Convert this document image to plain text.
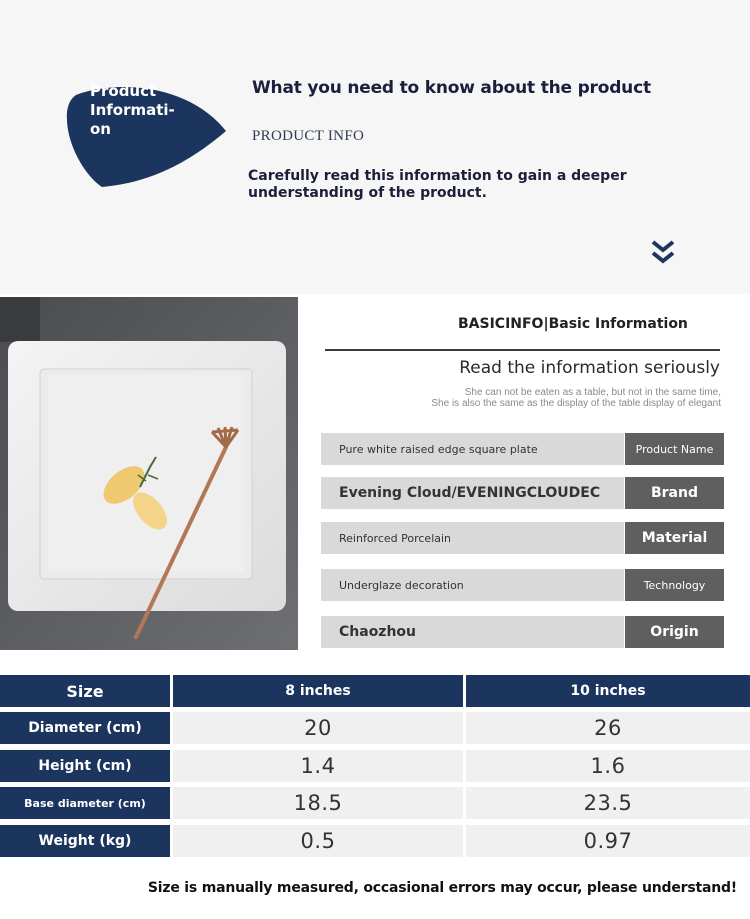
Product Informati-on
What you need to know about the product
PRODUCT INFO
Carefully read this information to gain a deeper understanding of the product.
BASICINFO|Basic Information
Read the information seriously
She can not be eaten as a table, but not in the same time,
She is also the same as the display of the table display of elegant
Pure white raised edge square plate	Product Name
Evening Cloud/EVENINGCLOUDEC	Brand
Reinforced Porcelain	Material
Underglaze decoration	Technology
Chaozhou	Origin
Size	8 inches	10 inches
Diameter (cm)	20	26
Height (cm)	1.4	1.6
Base diameter (cm)	18.5	23.5
Weight (kg)	0.5	0.97
Size is manually measured, occasional errors may occur, please understand!
